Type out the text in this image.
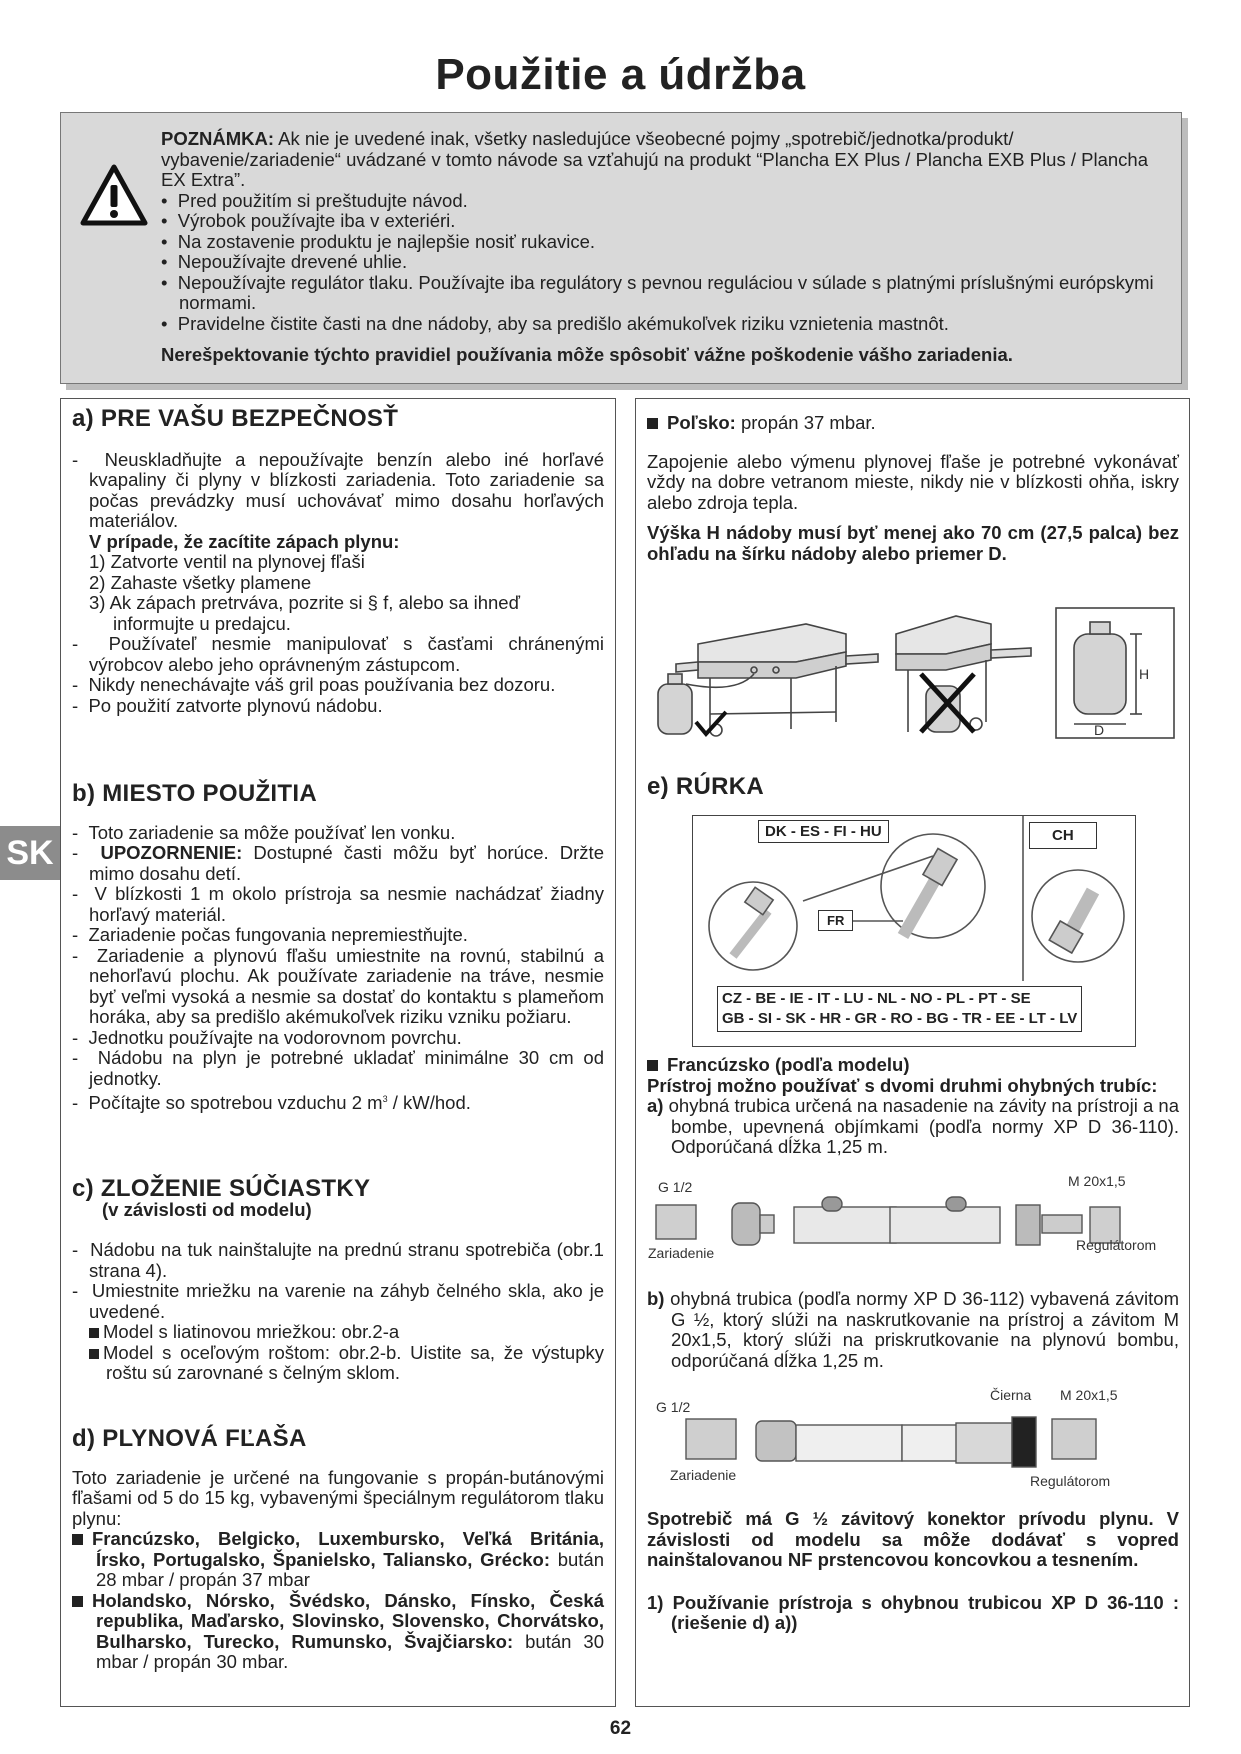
Použitie a údržba
POZNÁMKA: Ak nie je uvedené inak, všetky nasledujúce všeobecné pojmy „spotrebič/jednotka/produkt/ vybavenie/zariadenie“ uvádzané v tomto návode sa vzťahujú na produkt “Plancha EX Plus / Plancha EXB Plus / Plancha EX Extra”.
•  Pred použitím si preštudujte návod.
•  Výrobok používajte iba v exteriéri.
•  Na zostavenie produktu je najlepšie nosiť rukavice.
•  Nepoužívajte drevené uhlie.
•  Nepoužívajte regulátor tlaku. Používajte iba regulátory s pevnou reguláciou v súlade s platnými príslušnými európskymi normami.
•  Pravidelne čistite časti na dne nádoby, aby sa predišlo akémukoľvek riziku vznietenia mastnôt.
Nerešpektovanie týchto pravidiel používania môže spôsobiť vážne poškodenie vášho zariadenia.
a) PRE VAŠU BEZPEČNOSŤ
-  Neuskladňujte a nepoužívajte benzín alebo iné horľavé kvapaliny či plyny v blízkosti zariadenia. Toto zariadenie sa počas prevádzky musí uchovávať mimo dosahu horľavých materiálov.
V prípade, že zacítite zápach plynu:
1) Zatvorte ventil na plynovej fľaši
2) Zahaste všetky plamene
3) Ak zápach pretrváva, pozrite si § f, alebo sa ihneď informujte u predajcu.
-  Používateľ nesmie manipulovať s časťami chránenými výrobcov alebo jeho oprávneným zástupcom.
-  Nikdy nenechávajte váš gril poas používania bez dozoru.
-  Po použití zatvorte plynovú nádobu.
b) MIESTO POUŽITIA
-  Toto zariadenie sa môže používať len vonku.
-  UPOZORNENIE: Dostupné časti môžu byť horúce. Držte mimo dosahu detí.
-  V blízkosti 1 m okolo prístroja sa nesmie nachádzať žiadny horľavý materiál.
-  Zariadenie počas fungovania nepremiestňujte.
-  Zariadenie a plynovú fľašu umiestnite na rovnú, stabilnú a nehorľavú plochu. Ak používate zariadenie na tráve, nesmie byť veľmi vysoká a nesmie sa dostať do kontaktu s plameňom horáka, aby sa predišlo akémukoľvek riziku vzniku požiaru.
-  Jednotku používajte na vodorovnom povrchu.
-  Nádobu na plyn je potrebné ukladať minimálne 30 cm od jednotky.
-  Počítajte so spotrebou vzduchu 2 $m^3 / kW/hod$.
c) ZLOŽENIE SÚČIASTKY
(v závislosti od modelu)
-  Nádobu na tuk nainštalujte na prednú stranu spotrebiča (obr.1 strana 4).
-  Umiestnite mriežku na varenie na záhyb čelného skla, ako je uvedené.
Model s liatinovou mriežkou: obr.2-a
Model s oceľovým roštom: obr.2-b. Uistite sa, že výstupky roštu sú zarovnané s čelným sklom.
d) PLYNOVÁ FĽAŠA
Toto zariadenie je určené na fungovanie s propán-butánovými fľašami od 5 do 15 kg, vybavenými špeciálnym regulátorom tlaku plynu:
Francúzsko, Belgicko, Luxembursko, Veľká Británia, Írsko, Portugalsko, Španielsko, Taliansko, Grécko: bután 28 mbar / propán 37 mbar
Holandsko, Nórsko, Švédsko, Dánsko, Fínsko, Česká republika, Maďarsko, Slovinsko, Slovensko, Chorvátsko, Bulharsko, Turecko, Rumunsko, Švajčiarsko: bután 30 mbar / propán 30 mbar.
Poľsko: propán 37 mbar.
Zapojenie alebo výmenu plynovej fľaše je potrebné vykonávať vždy na dobre vetranom mieste, nikdy nie v blízkosti ohňa, iskry alebo zdroja tepla.
Výška H nádoby musí byť menej ako 70 cm (27,5 palca) bez ohľadu na šírku nádoby alebo priemer D.
H
D
e) RÚRKA
DK - ES - FI - HU	CH
FR
CZ - BE - IE - IT - LU - NL - NO - PL - PT - SE
GB - SI - SK - HR - GR - RO - BG - TR - EE - LT - LV
Francúzsko (podľa modelu)
Prístroj možno používať s dvomi druhmi ohybných trubíc:
a) ohybná trubica určená na nasadenie na závity na prístroji a na bombe, upevnená objímkami (podľa normy XP D 36-110). Odporúčaná dĺžka 1,25 m.
G 1/2	M 20x1,5
Zariadenie	Regulátorom
b) ohybná trubica (podľa normy XP D 36-112) vybavená závitom G ½, ktorý slúži na naskrutkovanie na prístroj a závitom M 20x1,5, ktorý slúži na priskrutkovanie na plynovú bombu, odporúčaná dĺžka 1,25 m.
G 1/2
Čierna M 20x1,5
Zariadenie	Regulátorom
Spotrebič má G ½ závitový konektor prívodu plynu. V závislosti od modelu sa môže dodávať s vopred nainštalovanou NF prstencovou koncovkou a tesnením.
1) Používanie prístroja s ohybnou trubicou XP D 36-110 : (riešenie d) a))
SK
62
